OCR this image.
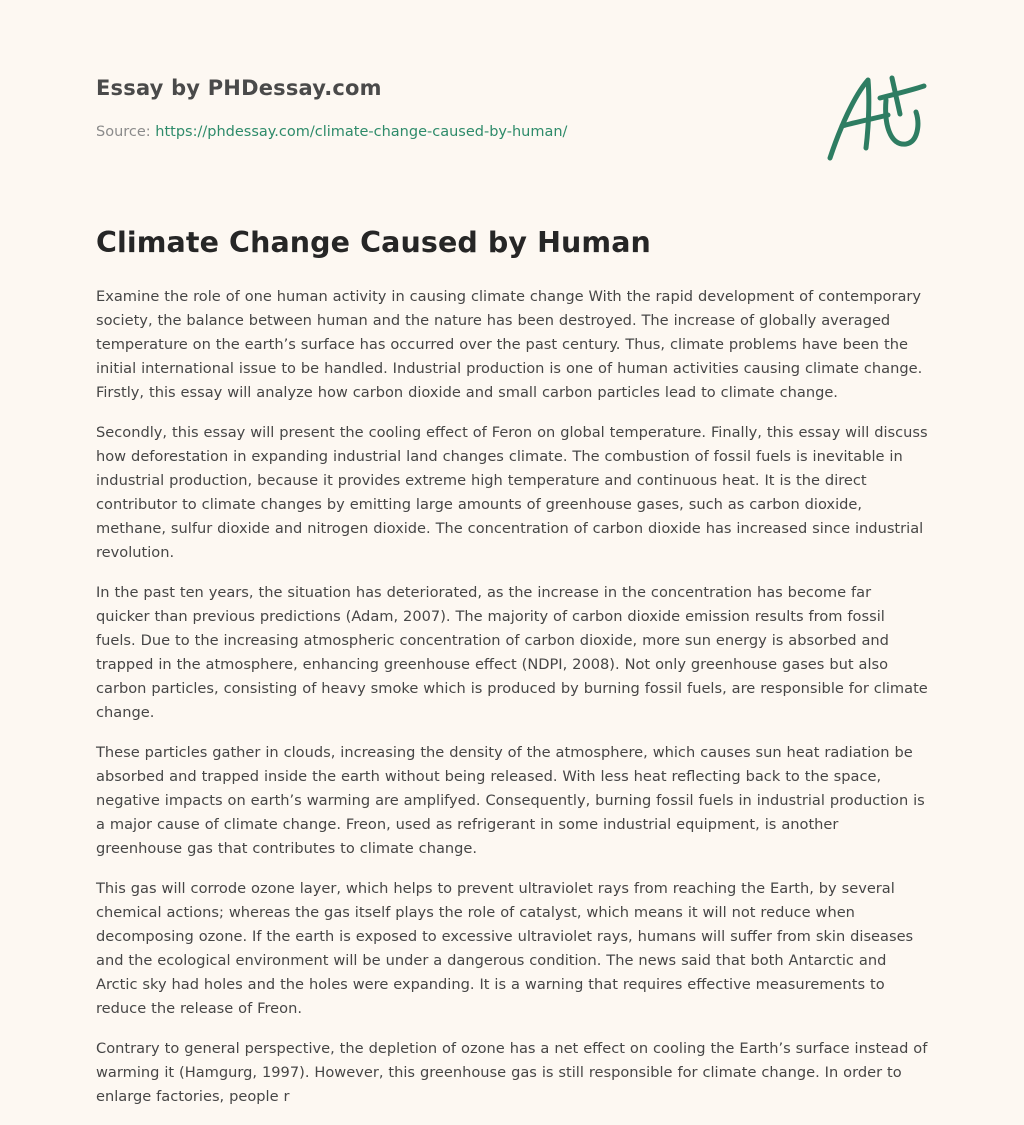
Essay by PHDessay.com
Source: https://phdessay.com/climate-change-caused-by-human/
Climate Change Caused by Human

Examine the role of one human activity in causing climate change With the rapid development of contemporary society, the balance between human and the nature has been destroyed. The increase of globally averaged temperature on the earth’s surface has occurred over the past century. Thus, climate problems have been the initial international issue to be handled. Industrial production is one of human activities causing climate change. Firstly, this essay will analyze how carbon dioxide and small carbon particles lead to climate change.

Secondly, this essay will present the cooling effect of Feron on global temperature. Finally, this essay will discuss how deforestation in expanding industrial land changes climate. The combustion of fossil fuels is inevitable in industrial production, because it provides extreme high temperature and continuous heat. It is the direct contributor to climate changes by emitting large amounts of greenhouse gases, such as carbon dioxide, methane, sulfur dioxide and nitrogen dioxide. The concentration of carbon dioxide has increased since industrial revolution.

In the past ten years, the situation has deteriorated, as the increase in the concentration has become far quicker than previous predictions (Adam, 2007). The majority of carbon dioxide emission results from fossil fuels. Due to the increasing atmospheric concentration of carbon dioxide, more sun energy is absorbed and trapped in the atmosphere, enhancing greenhouse effect (NDPI, 2008). Not only greenhouse gases but also carbon particles, consisting of heavy smoke which is produced by burning fossil fuels, are responsible for climate change.

These particles gather in clouds, increasing the density of the atmosphere, which causes sun heat radiation be absorbed and trapped inside the earth without being released. With less heat reflecting back to the space, negative impacts on earth’s warming are amplifyed. Consequently, burning fossil fuels in industrial production is a major cause of climate change. Freon, used as refrigerant in some industrial equipment, is another greenhouse gas that contributes to climate change.

This gas will corrode ozone layer, which helps to prevent ultraviolet rays from reaching the Earth, by several chemical actions; whereas the gas itself plays the role of catalyst, which means it will not reduce when decomposing ozone. If the earth is exposed to excessive ultraviolet rays, humans will suffer from skin diseases and the ecological environment will be under a dangerous condition. The news said that both Antarctic and Arctic sky had holes and the holes were expanding. It is a warning that requires effective measurements to reduce the release of Freon.

Contrary to general perspective, the depletion of ozone has a net effect on cooling the Earth’s surface instead of warming it (Hamgurg, 1997). However, this greenhouse gas is still responsible for climate change. In order to enlarge factories, people r
